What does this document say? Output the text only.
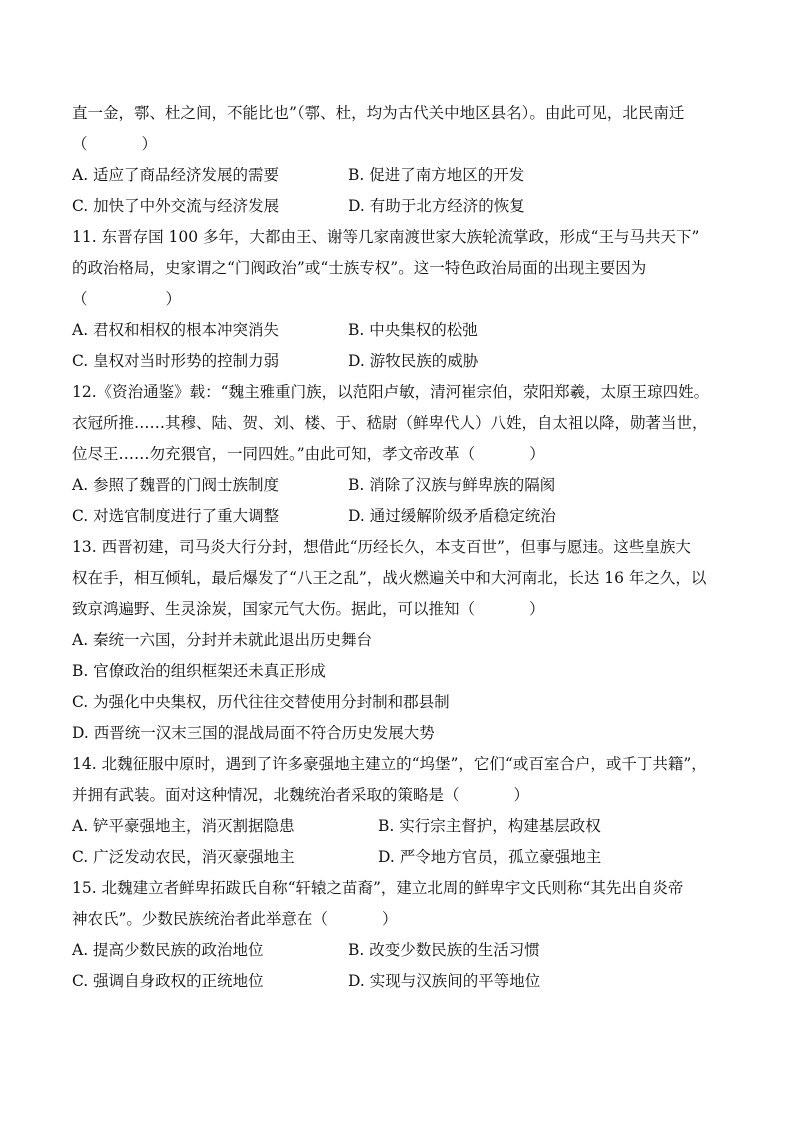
直一金，鄠、杜之间，不能比也”（鄠、杜，均为古代关中地区县名）。由此可见，北民南迁
（	）
A. 适应了商品经济发展的需要	B. 促进了南方地区的开发
C. 加快了中外交流与经济发展	D. 有助于北方经济的恢复
11. 东晋存国 100 多年，大都由王、谢等几家南渡世家大族轮流掌政，形成“王与马共天下”
的政治格局，史家谓之“门阀政治”或“士族专权”。这一特色政治局面的出现主要因为
（	）
A. 君权和相权的根本冲突消失	B. 中央集权的松弛
C. 皇权对当时形势的控制力弱	D. 游牧民族的威胁
12.《资治通鉴》载：“魏主雅重门族，以范阳卢敏，清河崔宗伯，荥阳郑羲，太原王琼四姓。
衣冠所推……其穆、陆、贺、刘、楼、于、嵇尉（鲜卑代人）八姓，自太祖以降，勋著当世，
位尽王……勿充猥官，一同四姓。”由此可知，孝文帝改革（	）
A. 参照了魏晋的门阀士族制度	B. 消除了汉族与鲜卑族的隔阂
C. 对选官制度进行了重大调整	D. 通过缓解阶级矛盾稳定统治
13. 西晋初建，司马炎大行分封，想借此“历经长久，本支百世”，但事与愿违。这些皇族大
权在手，相互倾轧，最后爆发了“八王之乱”，战火燃遍关中和大河南北，长达 16 年之久，以
致京鸿遍野、生灵涂炭，国家元气大伤。据此，可以推知（	）
A. 秦统一六国，分封并未就此退出历史舞台
B. 官僚政治的组织框架还未真正形成
C. 为强化中央集权，历代往往交替使用分封制和郡县制
D. 西晋统一汉末三国的混战局面不符合历史发展大势
14. 北魏征服中原时，遇到了许多豪强地主建立的“坞堡”，它们“或百室合户，或千丁共籍”，
并拥有武装。面对这种情况，北魏统治者采取的策略是（	）
A. 铲平豪强地主，消灭割据隐患	B. 实行宗主督护，构建基层政权
C. 广泛发动农民，消灭豪强地主	D. 严令地方官员，孤立豪强地主
15. 北魏建立者鲜卑拓跋氏自称“轩辕之苗裔”，建立北周的鲜卑宇文氏则称“其先出自炎帝
神农氏”。少数民族统治者此举意在（	）
A. 提高少数民族的政治地位	B. 改变少数民族的生活习惯
C. 强调自身政权的正统地位	D. 实现与汉族间的平等地位
